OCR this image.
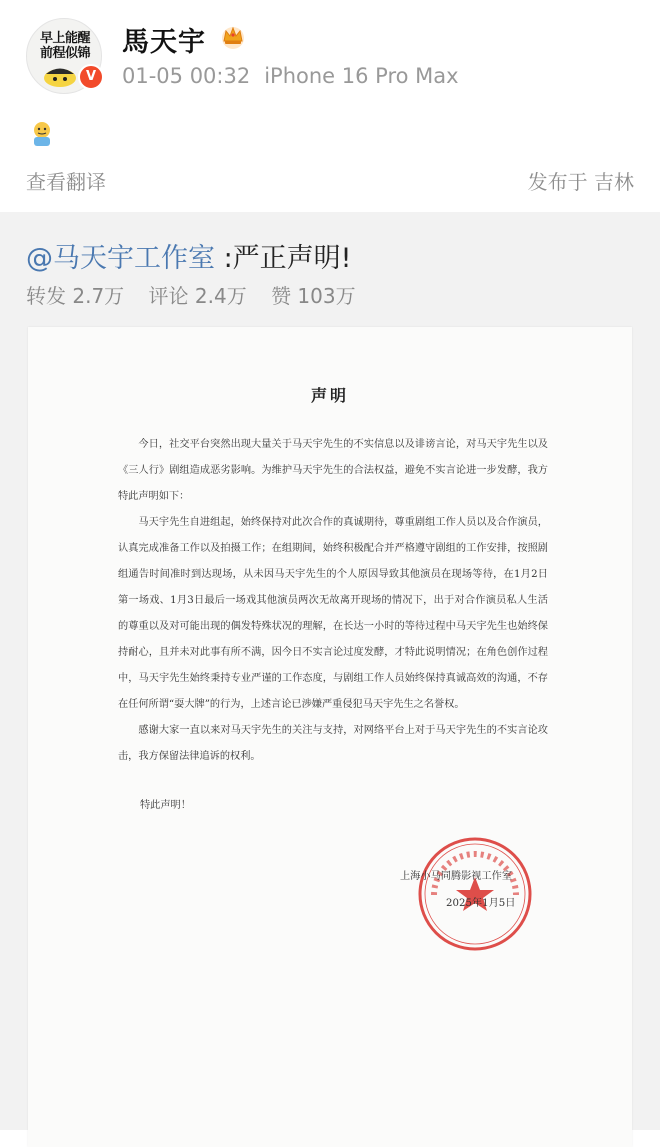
早上能醒
前程似锦
V
馬天宇
01-05 00:32 iPhone 16 Pro Max
查看翻译	发布于 吉林
@马天宇工作室 :严正声明!
转发 2.7万 评论 2.4万 赞 103万
声明

今日，社交平台突然出现大量关于马天宇先生的不实信息以及诽谤言论，对马天宇先生以及《三人行》剧组造成恶劣影响。为维护马天宇先生的合法权益，避免不实言论进一步发酵，我方特此声明如下：

马天宇先生自进组起，始终保持对此次合作的真诚期待，尊重剧组工作人员以及合作演员，认真完成准备工作以及拍摄工作；在组期间，始终积极配合并严格遵守剧组的工作安排，按照剧组通告时间准时到达现场，从未因马天宇先生的个人原因导致其他演员在现场等待，在1月2日第一场戏、1月3日最后一场戏其他演员两次无故离开现场的情况下，出于对合作演员私人生活的尊重以及对可能出现的偶发特殊状况的理解，在长达一小时的等待过程中马天宇先生也始终保持耐心，且并未对此事有所不满，因今日不实言论过度发酵，才特此说明情况；在角色创作过程中，马天宇先生始终秉持专业严谨的工作态度，与剧组工作人员始终保持真诚高效的沟通，不存在任何所谓“耍大牌”的行为，上述言论已涉嫌严重侵犯马天宇先生之名誉权。

感谢大家一直以来对马天宇先生的关注与支持，对网络平台上对于马天宇先生的不实言论攻击，我方保留法律追诉的权利。

特此声明！
上海小马同腾影视工作室
2025年1月5日
